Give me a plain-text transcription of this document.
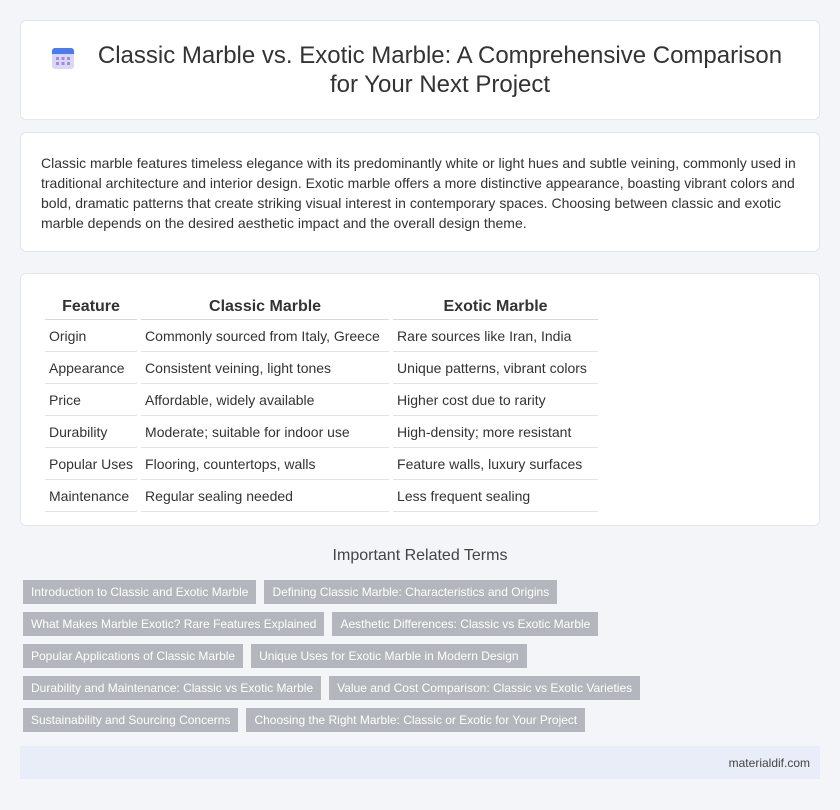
Classic Marble vs. Exotic Marble: A Comprehensive Comparison for Your Next Project

Classic marble features timeless elegance with its predominantly white or light hues and subtle veining, commonly used in traditional architecture and interior design. Exotic marble offers a more distinctive appearance, boasting vibrant colors and bold, dramatic patterns that create striking visual interest in contemporary spaces. Choosing between classic and exotic marble depends on the desired aesthetic impact and the overall design theme.

Feature	Classic Marble	Exotic Marble
Origin	Commonly sourced from Italy, Greece	Rare sources like Iran, India
Appearance	Consistent veining, light tones	Unique patterns, vibrant colors
Price	Affordable, widely available	Higher cost due to rarity
Durability	Moderate; suitable for indoor use	High-density; more resistant
Popular Uses	Flooring, countertops, walls	Feature walls, luxury surfaces
Maintenance	Regular sealing needed	Less frequent sealing
Important Related Terms
Introduction to Classic and Exotic Marble	Defining Classic Marble: Characteristics and Origins
What Makes Marble Exotic? Rare Features Explained	Aesthetic Differences: Classic vs Exotic Marble
Popular Applications of Classic Marble	Unique Uses for Exotic Marble in Modern Design
Durability and Maintenance: Classic vs Exotic Marble	Value and Cost Comparison: Classic vs Exotic Varieties
Sustainability and Sourcing Concerns	Choosing the Right Marble: Classic or Exotic for Your Project
materialdif.com
